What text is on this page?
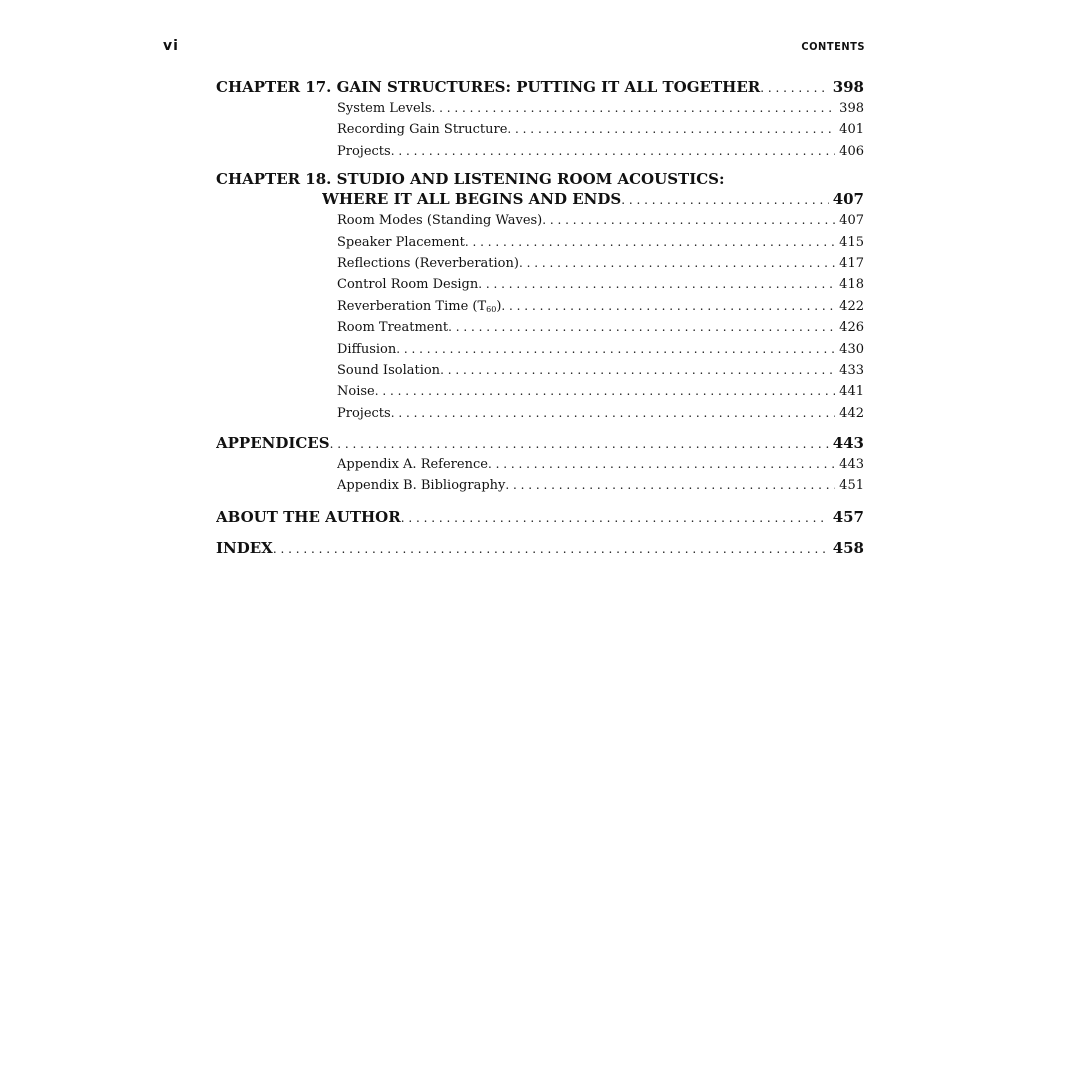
vi	CONTENTS
CHAPTER 17. GAIN STRUCTURES: PUTTING IT ALL TOGETHER . . .	398
System Levels . . .	398
Recording Gain Structure . . .	401
Projects . . .	406
CHAPTER 18. STUDIO AND LISTENING ROOM ACOUSTICS:
WHERE IT ALL BEGINS AND ENDS . . .	407
Room Modes (Standing Waves) . . .	407
Speaker Placement . . .	415
Reflections (Reverberation) . . .	417
Control Room Design . . .	418
Reverberation Time $(T_{60})$ . . .	422
Room Treatment . . .	426
Diffusion . . .	430
Sound Isolation . . .	433
Noise . . .	441
Projects . . .	442
APPENDICES . . .	443
Appendix A. Reference . . .	443
Appendix B. Bibliography . . .	451
ABOUT THE AUTHOR . . .	457
INDEX . . .	458
